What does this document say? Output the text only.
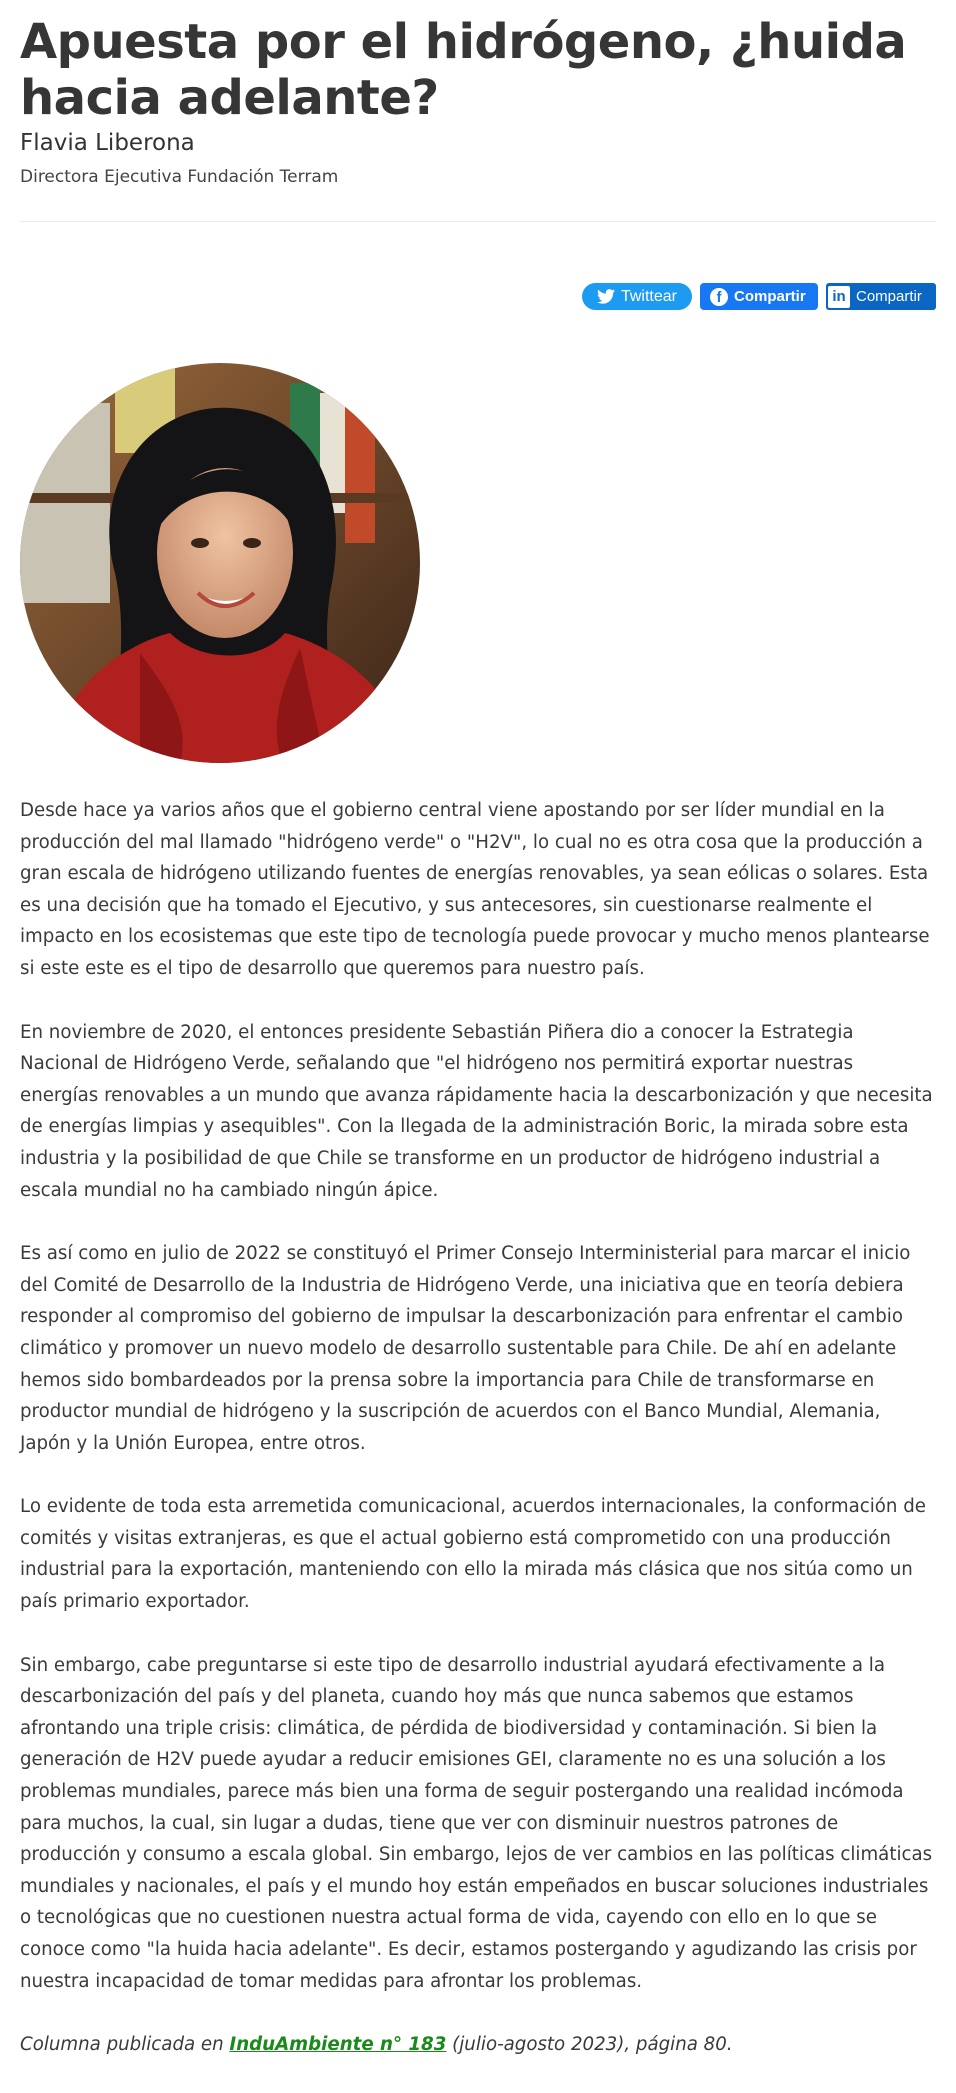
Apuesta por el hidrógeno, ¿huida hacia adelante?
Flavia Liberona
Directora Ejecutiva Fundación Terram
Twittear	f Compartir in Compartir

Desde hace ya varios años que el gobierno central viene apostando por ser líder mundial en la producción del mal llamado "hidrógeno verde" o "H2V", lo cual no es otra cosa que la producción a gran escala de hidrógeno utilizando fuentes de energías renovables, ya sean eólicas o solares. Esta es una decisión que ha tomado el Ejecutivo, y sus antecesores, sin cuestionarse realmente el impacto en los ecosistemas que este tipo de tecnología puede provocar y mucho menos plantearse si este este es el tipo de desarrollo que queremos para nuestro país.

En noviembre de 2020, el entonces presidente Sebastián Piñera dio a conocer la Estrategia Nacional de Hidrógeno Verde, señalando que "el hidrógeno nos permitirá exportar nuestras energías renovables a un mundo que avanza rápidamente hacia la descarbonización y que necesita de energías limpias y asequibles". Con la llegada de la administración Boric, la mirada sobre esta industria y la posibilidad de que Chile se transforme en un productor de hidrógeno industrial a escala mundial no ha cambiado ningún ápice.

Es así como en julio de 2022 se constituyó el Primer Consejo Interministerial para marcar el inicio del Comité de Desarrollo de la Industria de Hidrógeno Verde, una iniciativa que en teoría debiera responder al compromiso del gobierno de impulsar la descarbonización para enfrentar el cambio climático y promover un nuevo modelo de desarrollo sustentable para Chile. De ahí en adelante hemos sido bombardeados por la prensa sobre la importancia para Chile de transformarse en productor mundial de hidrógeno y la suscripción de acuerdos con el Banco Mundial, Alemania, Japón y la Unión Europea, entre otros.

Lo evidente de toda esta arremetida comunicacional, acuerdos internacionales, la conformación de comités y visitas extranjeras, es que el actual gobierno está comprometido con una producción industrial para la exportación, manteniendo con ello la mirada más clásica que nos sitúa como un país primario exportador.

Sin embargo, cabe preguntarse si este tipo de desarrollo industrial ayudará efectivamente a la descarbonización del país y del planeta, cuando hoy más que nunca sabemos que estamos afrontando una triple crisis: climática, de pérdida de biodiversidad y contaminación. Si bien la generación de H2V puede ayudar a reducir emisiones GEI, claramente no es una solución a los problemas mundiales, parece más bien una forma de seguir postergando una realidad incómoda para muchos, la cual, sin lugar a dudas, tiene que ver con disminuir nuestros patrones de producción y consumo a escala global. Sin embargo, lejos de ver cambios en las políticas climáticas mundiales y nacionales, el país y el mundo hoy están empeñados en buscar soluciones industriales o tecnológicas que no cuestionen nuestra actual forma de vida, cayendo con ello en lo que se conoce como "la huida hacia adelante". Es decir, estamos postergando y agudizando las crisis por nuestra incapacidad de tomar medidas para afrontar los problemas.

Columna publicada en InduAmbiente n° 183 (julio-agosto 2023), página 80.
